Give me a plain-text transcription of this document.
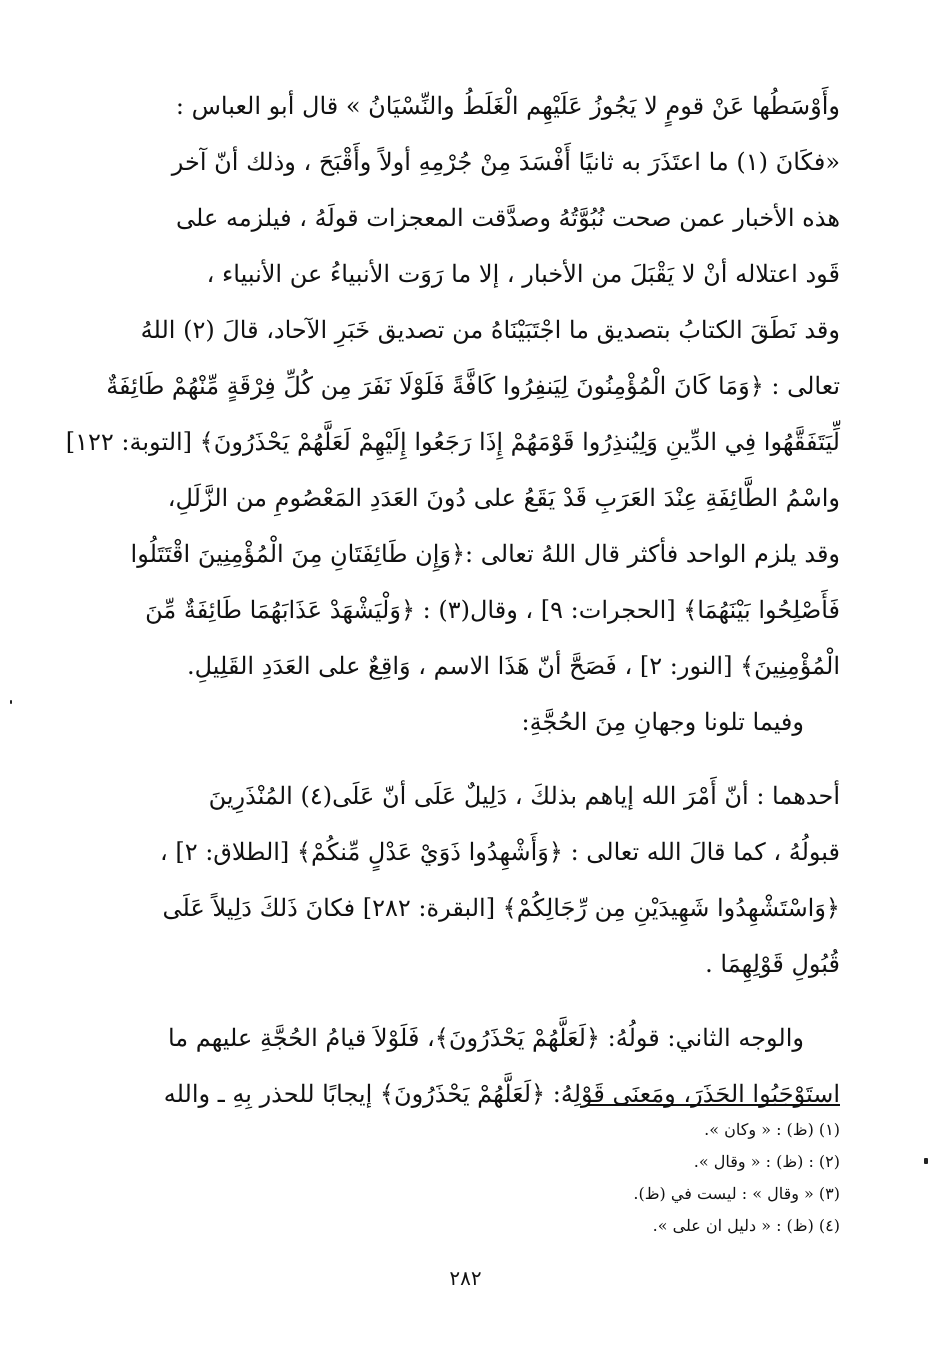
وأَوْسَطُها عَنْ قومٍ لا يَجُوزُ عَلَيْهِم الْغَلَطُ والنِّسْيَانُ » قال أبو العباس :
«فكَانَ (١) ما اعتَذَرَ به ثانيًا أَفْسَدَ مِنْ جُرْمِهِ أولاً وأَقْبَحَ ، وذلك أنّ آخر
هذه الأخبار عمن صحت نُبُوَّتُهُ وصدَّقت المعجزات قولَهُ ، فيلزمه على
قَود اعتلاله أنْ لا يَقْبَلَ من الأخبار ، إلا ما رَوَت الأنبياءُ عن الأنبياء ،
وقد نَطَقَ الكتابُ بتصديق ما اجْتَبَيْنَاهُ من تصديق خَبَرِ الآحاد، قالَ (٢) اللهُ
تعالى : ﴿وَمَا كَانَ الْمُؤْمِنُونَ لِيَنفِرُوا كَافَّةً فَلَوْلَا نَفَرَ مِن كُلِّ فِرْقَةٍ مِّنْهُمْ طَائِفَةٌ
لِّيَتَفَقَّهُوا فِي الدِّينِ وَلِيُنذِرُوا قَوْمَهُمْ إِذَا رَجَعُوا إِلَيْهِمْ لَعَلَّهُمْ يَحْذَرُونَ﴾ [التوبة: ١٢٢]
واسْمُ الطَّائِفَةِ عِنْدَ العَرَبِ قَدْ يَقَعُ على دُونَ العَدَدِ المَعْصُومِ من الزَّلَلِ،
وقد يلزم الواحد فأكثر قال اللهُ تعالى :﴿وَإِن طَائِفَتَانِ مِنَ الْمُؤْمِنِينَ اقْتَتَلُوا
فَأَصْلِحُوا بَيْنَهُمَا﴾ [الحجرات: ٩] ، وقال(٣) : ﴿وَلْيَشْهَدْ عَذَابَهُمَا طَائِفَةٌ مِّنَ
الْمُؤْمِنِينَ﴾ [النور: ٢] ، فَصَحَّ أنّ هَذَا الاسم ، وَاقِعٌ على العَدَدِ القَلِيلِ.
وفيما تلونا وجهانِ مِنَ الحُجَّةِ:
أحدهما : أنّ أَمْرَ الله إياهم بذلكَ ، دَلِيلٌ عَلَى أنّ عَلَى(٤) المُنْذَرِينَ
قبولُهُ ، كما قالَ الله تعالى : ﴿وَأَشْهِدُوا ذَوَيْ عَدْلٍ مِّنكُمْ﴾ [الطلاق: ٢] ،
﴿وَاسْتَشْهِدُوا شَهِيدَيْنِ مِن رِّجَالِكُمْ﴾ [البقرة: ٢٨٢] فكانَ ذَلكَ دَلِيلاً عَلَى
قُبُولِ قَوْلِهِمَا .
والوجه الثاني: قولُهُ: ﴿لَعَلَّهُمْ يَحْذَرُونَ﴾، فَلَوْلاَ قيامُ الحُجَّةِ عليهم ما
استَوْجَبُوا الحَذَرَ، ومَعنَى قَوْلِهُ: ﴿لَعَلَّهُمْ يَحْذَرُونَ﴾ إيجابًا للحذر بِهِ ـ والله
(١) (ظ) : « وكان ».
(٢) : (ظ) : « وقال ».
(٣) « وقال » : ليست في (ظ).
(٤) (ظ) : « دليل ان على ».
٢٨٢
